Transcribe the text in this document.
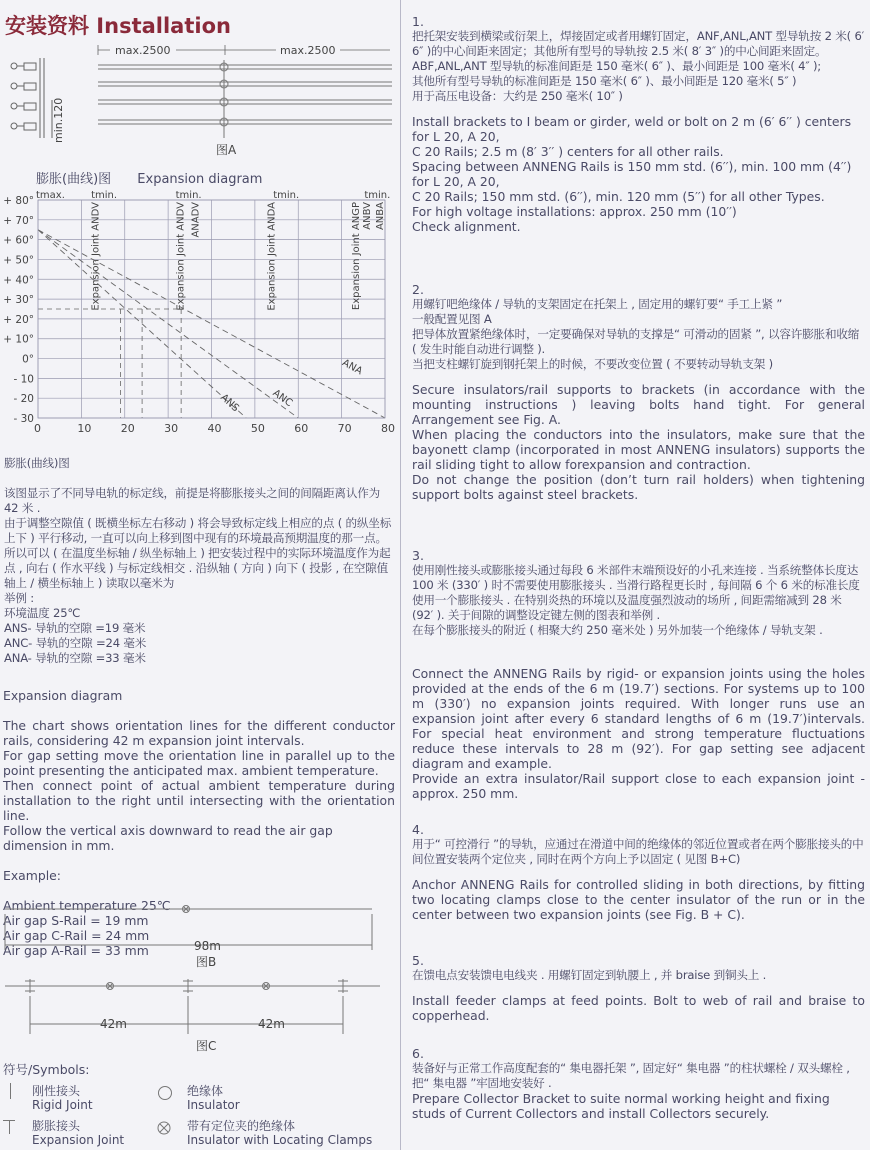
安装资料 Installation
max.2500	max.2500
min.120
图A
膨胀(曲线)图 Expansion diagram
0	10	20	30	40	50	60	70	80
+ 80°
+ 70°
+ 60°
+ 50°
+ 40°
+ 30°
+ 20°
+ 10°
0°
- 10
- 20
- 30
tmax.	tmin.	tmin.	tmin.	tmin.
Expansion Joint ANDV	Expansion Joint ANDV ANADV	Expansion Joint ANDA	Expansion Joint ANGP ANBV ANBA
ANS	ANC
ANA

膨胀(曲线)图

该图显示了不同导电轨的标定线，前提是将膨胀接头之间的间隔距离认作为 42 米 .
由于调整空隙值 ( 既横坐标左右移动 ) 将会导致标定线上相应的点 ( 的纵坐标上下 ) 平行移动, 一直可以向上移到图中现有的环境最高预期温度的那一点。
所以可以 ( 在温度坐标轴 / 纵坐标轴上 ) 把安装过程中的实际环境温度作为起点 , 向右 ( 作水平线 ) 与标定线相交 . 沿纵轴 ( 方向 ) 向下 ( 投影 , 在空隙值轴上 / 横坐标轴上 ) 读取以毫米为
举例 :
环境温度 25℃
ANS- 导轨的空隙 =19 毫米
ANC- 导轨的空隙 =24 毫米
ANA- 导轨的空隙 =33 毫米

Expansion diagram

The chart shows orientation lines for the different conductor rails, considering 42 m expansion joint intervals.
For gap setting move the orientation line in parallel up to the point presenting the anticipated max. ambient temperature.
Then connect point of actual ambient temperature during installation to the right until intersecting with the orientation line.
Follow the vertical axis downward to read the air gap
dimension in mm.

Example:

Ambient temperature 25℃
Air gap S-Rail = 19 mm
Air gap C-Rail = 24 mm
Air gap A-Rail = 33 mm	98m
图B
42m	42m
图C
符号/Symbols:
刚性接头
Rigid Joint
绝缘体
Insulator
膨胀接头
Expansion Joint
带有定位夹的绝缘体
Insulator with Locating Clamps
1.
把托架安装到横梁或衍架上，焊接固定或者用螺钉固定，ANF,ANL,ANT 型导轨按 2 米( 6′ 6″ )的中心间距来固定；其他所有型号的导轨按 2.5 米( 8′ 3″ )的中心间距来固定。
ABF,ANL,ANT 型导轨的标准间距是 150 毫米( 6″ )、最小间距是 100 毫米( 4″ );
其他所有型号导轨的标准间距是 150 毫米( 6″ )、最小间距是 120 毫米( 5″ )
用于高压电设备：大约是 250 毫米( 10″ )
Install brackets to I beam or girder, weld or bolt on 2 m (6′ 6′′ ) centers for L 20, A 20,
C 20 Rails; 2.5 m (8′ 3′′ ) centers for all other rails.
Spacing between ANNENG Rails is 150 mm std. (6′′), min. 100 mm (4′′) for L 20, A 20,
C 20 Rails; 150 mm std. (6′′), min. 120 mm (5′′) for all other Types.
For high voltage installations: approx. 250 mm (10′′)
Check alignment.
2.
用螺钉吧绝缘体 / 导轨的支架固定在托架上 , 固定用的螺钉要“ 手工上紧 ”
一般配置见图 A
把导体放置紧绝缘体时，一定要确保对导轨的支撑是“ 可滑动的固紧 ”, 以容许膨胀和收缩 ( 发生时能自动进行调整 ).
当把支柱螺钉旋到钢托架上的时候，不要改变位置 ( 不要转动导轨支架 )
Secure insulators/rail supports to brackets (in accordance with the mounting instructions ) leaving bolts hand tight. For general Arrangement see Fig. A.
When placing the conductors into the insulators, make sure that the bayonett clamp (incorporated in most ANNENG insulators) supports the rail sliding tight to allow forexpansion and contraction.
Do not change the position (don’t turn rail holders) when tightening support bolts against steel brackets.
3.
使用刚性接头或膨胀接头通过每段 6 米部件末端预设好的小孔来连接 . 当系统整体长度达 100 米 (330′ ) 时不需要使用膨胀接头 . 当滑行路程更长时 , 每间隔 6 个 6 米的标准长度使用一个膨胀接头 . 在特别炎热的环境以及温度强烈波动的场所 , 间距需缩减到 28 米 (92′ ). 关于间隙的调整设定键左侧的图表和举例 .
在每个膨胀接头的附近 ( 相聚大约 250 毫米处 ) 另外加装一个绝缘体 / 导轨支架 .
Connect the ANNENG Rails by rigid- or expansion joints using the holes provided at the ends of the 6 m (19.7′) sections. For systems up to 100 m (330′) no expansion joints required. With longer runs use an expansion joint after every 6 standard lengths of 6 m (19.7′)intervals. For special heat environment and strong temperature fluctuations reduce these intervals to 28 m (92′). For gap setting see adjacent diagram and example.
Provide an extra insulator/Rail support close to each expansion joint - approx. 250 mm.
4.
用于“ 可控滑行 ”的导轨，应通过在滑道中间的绝缘体的邻近位置或者在两个膨胀接头的中间位置安装两个定位夹 , 同时在两个方向上予以固定 ( 见图 B+C)
Anchor ANNENG Rails for controlled sliding in both directions, by fitting two locating clamps close to the center insulator of the run or in the center between two expansion joints (see Fig. B + C).
5.
在馈电点安装馈电电线夹 . 用螺钉固定到轨腰上 , 并 braise 到铜头上 .
Install feeder clamps at feed points. Bolt to web of rail and braise to copperhead.
6.
装备好与正常工作高度配套的“ 集电器托架 ”, 固定好“ 集电器 ”的柱状螺栓 / 双头螺栓 , 把“ 集电器 ”牢固地安装好 .
Prepare Collector Bracket to suite normal working height and fixing studs of Current Collectors and install Collectors securely.
